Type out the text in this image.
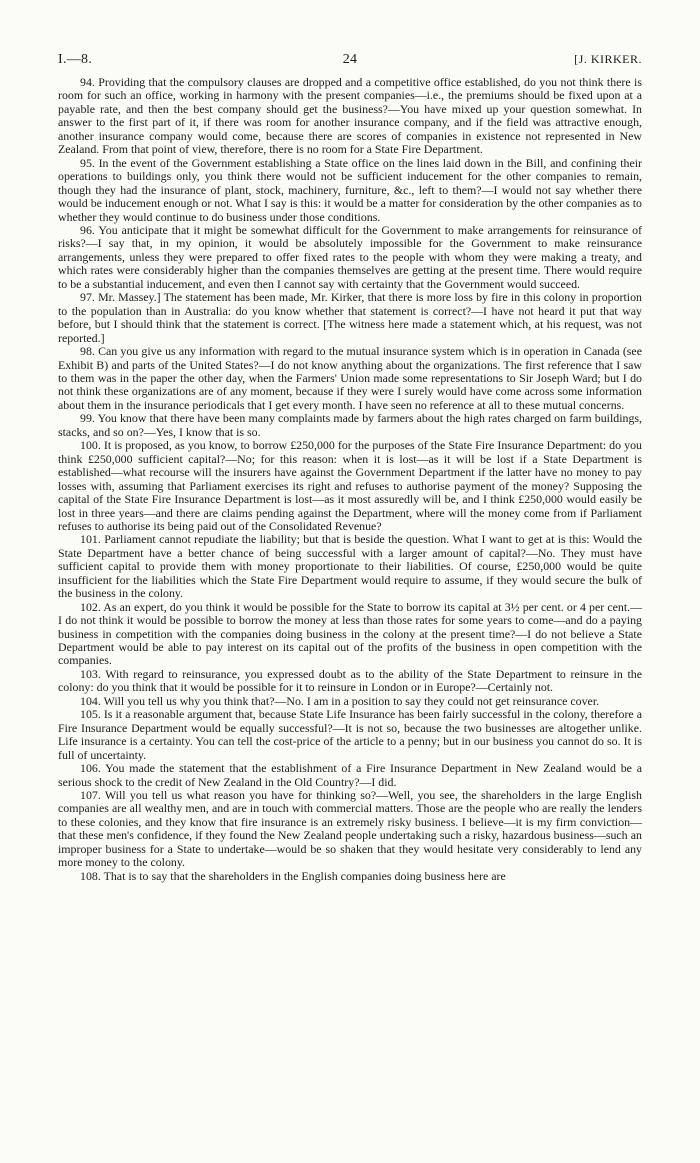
I.—8.	24	[J. KIRKER.

94. Providing that the compulsory clauses are dropped and a competitive office established, do you not think there is room for such an office, working in harmony with the present companies—i.e., the premiums should be fixed upon at a payable rate, and then the best company should get the business?—You have mixed up your question somewhat. In answer to the first part of it, if there was room for another insurance company, and if the field was attractive enough, another insurance company would come, because there are scores of companies in existence not represented in New Zealand. From that point of view, therefore, there is no room for a State Fire Department.

95. In the event of the Government establishing a State office on the lines laid down in the Bill, and confining their operations to buildings only, you think there would not be sufficient inducement for the other companies to remain, though they had the insurance of plant, stock, machinery, furniture, &c., left to them?—I would not say whether there would be inducement enough or not. What I say is this: it would be a matter for consideration by the other companies as to whether they would continue to do business under those conditions.

96. You anticipate that it might be somewhat difficult for the Government to make arrangements for reinsurance of risks?—I say that, in my opinion, it would be absolutely impossible for the Government to make reinsurance arrangements, unless they were prepared to offer fixed rates to the people with whom they were making a treaty, and which rates were considerably higher than the companies themselves are getting at the present time. There would require to be a substantial inducement, and even then I cannot say with certainty that the Government would succeed.

97. Mr. Massey.] The statement has been made, Mr. Kirker, that there is more loss by fire in this colony in proportion to the population than in Australia: do you know whether that statement is correct?—I have not heard it put that way before, but I should think that the statement is correct. [The witness here made a statement which, at his request, was not reported.]

98. Can you give us any information with regard to the mutual insurance system which is in operation in Canada (see Exhibit B) and parts of the United States?—I do not know anything about the organizations. The first reference that I saw to them was in the paper the other day, when the Farmers' Union made some representations to Sir Joseph Ward; but I do not think these organizations are of any moment, because if they were I surely would have come across some information about them in the insurance periodicals that I get every month. I have seen no reference at all to these mutual concerns.

99. You know that there have been many complaints made by farmers about the high rates charged on farm buildings, stacks, and so on?—Yes, I know that is so.

100. It is proposed, as you know, to borrow £250,000 for the purposes of the State Fire Insurance Department: do you think £250,000 sufficient capital?—No; for this reason: when it is lost—as it will be lost if a State Department is established—what recourse will the insurers have against the Government Department if the latter have no money to pay losses with, assuming that Parliament exercises its right and refuses to authorise payment of the money? Supposing the capital of the State Fire Insurance Department is lost—as it most assuredly will be, and I think £250,000 would easily be lost in three years—and there are claims pending against the Department, where will the money come from if Parliament refuses to authorise its being paid out of the Consolidated Revenue?

101. Parliament cannot repudiate the liability; but that is beside the question. What I want to get at is this: Would the State Department have a better chance of being successful with a larger amount of capital?—No. They must have sufficient capital to provide them with money proportionate to their liabilities. Of course, £250,000 would be quite insufficient for the liabilities which the State Fire Department would require to assume, if they would secure the bulk of the business in the colony.

102. As an expert, do you think it would be possible for the State to borrow its capital at 3½ per cent. or 4 per cent.—I do not think it would be possible to borrow the money at less than those rates for some years to come—and do a paying business in competition with the companies doing business in the colony at the present time?—I do not believe a State Department would be able to pay interest on its capital out of the profits of the business in open competition with the companies.

103. With regard to reinsurance, you expressed doubt as to the ability of the State Department to reinsure in the colony: do you think that it would be possible for it to reinsure in London or in Europe?—Certainly not.

104. Will you tell us why you think that?—No. I am in a position to say they could not get reinsurance cover.

105. Is it a reasonable argument that, because State Life Insurance has been fairly successful in the colony, therefore a Fire Insurance Department would be equally successful?—It is not so, because the two businesses are altogether unlike. Life insurance is a certainty. You can tell the cost-price of the article to a penny; but in our business you cannot do so. It is full of uncertainty.

106. You made the statement that the establishment of a Fire Insurance Department in New Zealand would be a serious shock to the credit of New Zealand in the Old Country?—I did.

107. Will you tell us what reason you have for thinking so?—Well, you see, the shareholders in the large English companies are all wealthy men, and are in touch with commercial matters. Those are the people who are really the lenders to these colonies, and they know that fire insurance is an extremely risky business. I believe—it is my firm conviction—that these men's confidence, if they found the New Zealand people undertaking such a risky, hazardous business—such an improper business for a State to undertake—would be so shaken that they would hesitate very considerably to lend any more money to the colony.

108. That is to say that the shareholders in the English companies doing business here are
